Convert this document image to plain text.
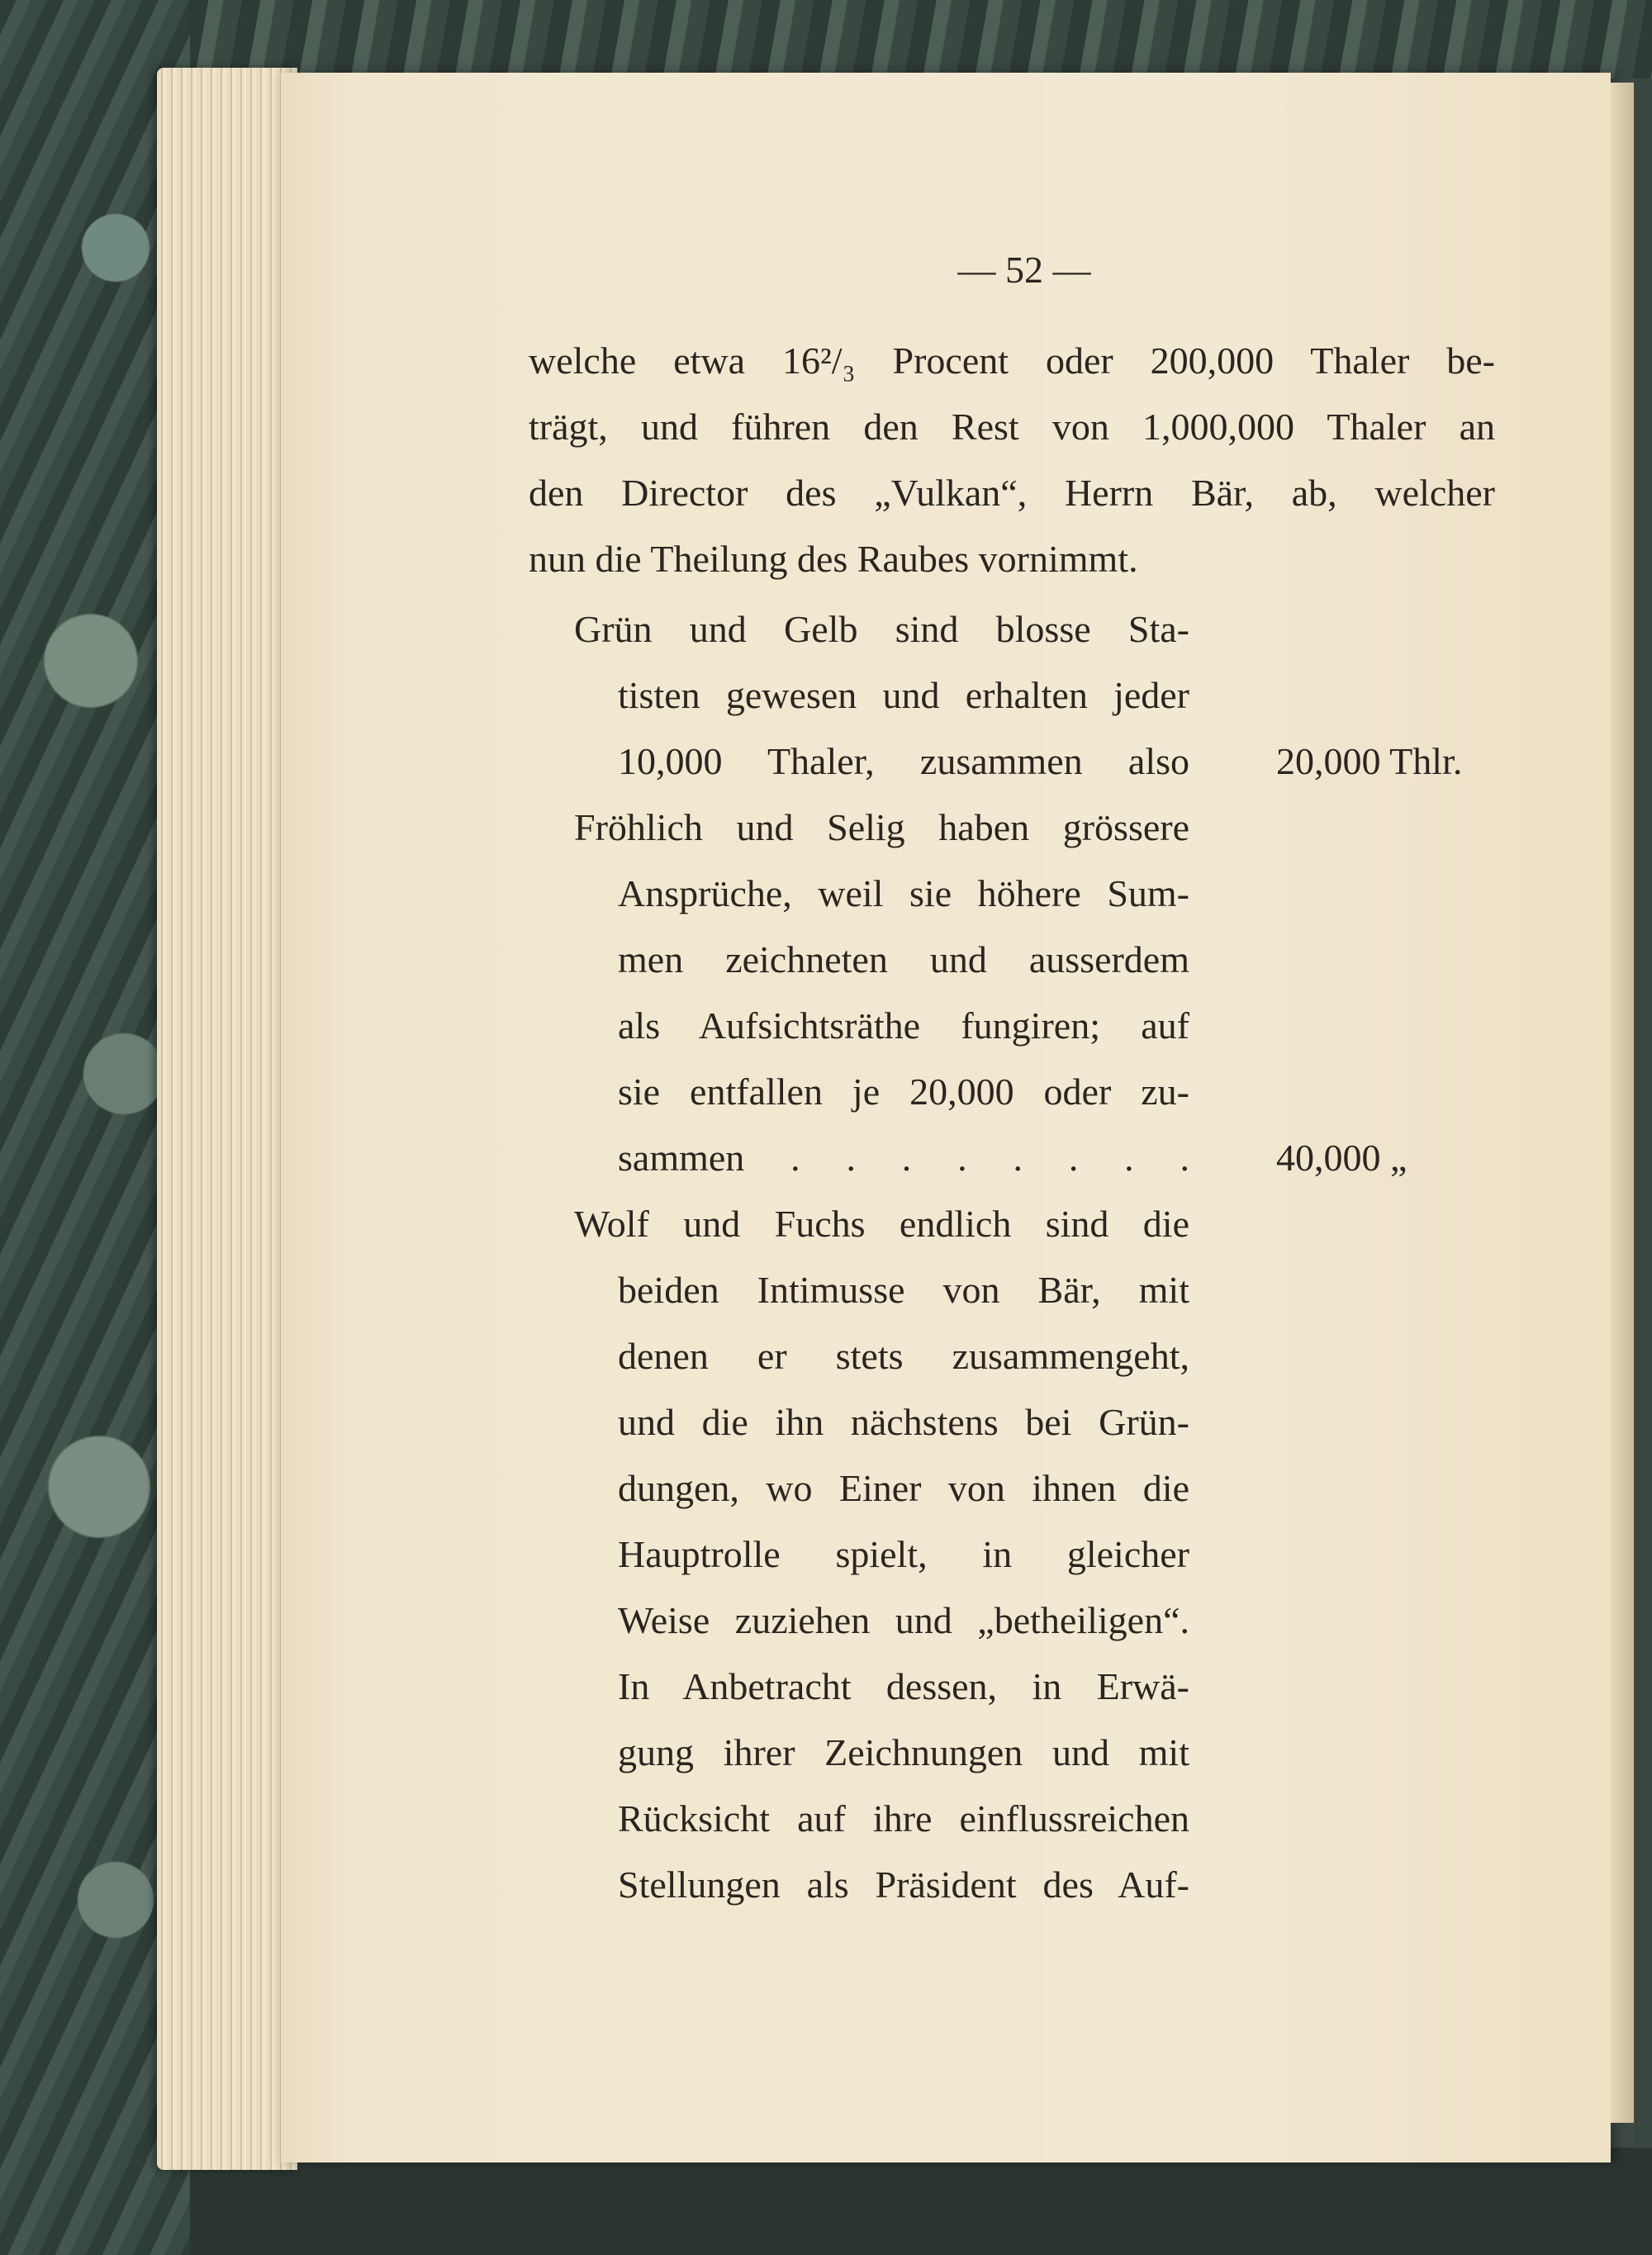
— 52 —
welche etwa 16²/₃ Procent oder 200,000 Thaler be-
trägt, und führen den Rest von 1,000,000 Thaler an
den Director des „Vulkan“, Herrn Bär, ab, welcher
nun die Theilung des Raubes vornimmt.
Grün und Gelb sind blosse Sta-
tisten gewesen und erhalten jeder
10,000 Thaler, zusammen also 20,000 Thlr.
Fröhlich und Selig haben grössere
Ansprüche, weil sie höhere Sum-
men zeichneten und ausserdem
als Aufsichtsräthe fungiren; auf
sie entfallen je 20,000 oder zu-
sammen . . . . . . . . 40,000 „
Wolf und Fuchs endlich sind die
beiden Intimusse von Bär, mit
denen er stets zusammengeht,
und die ihn nächstens bei Grün-
dungen, wo Einer von ihnen die
Hauptrolle spielt, in gleicher
Weise zuziehen und „betheiligen“.
In Anbetracht dessen, in Erwä-
gung ihrer Zeichnungen und mit
Rücksicht auf ihre einflussreichen
Stellungen als Präsident des Auf-
